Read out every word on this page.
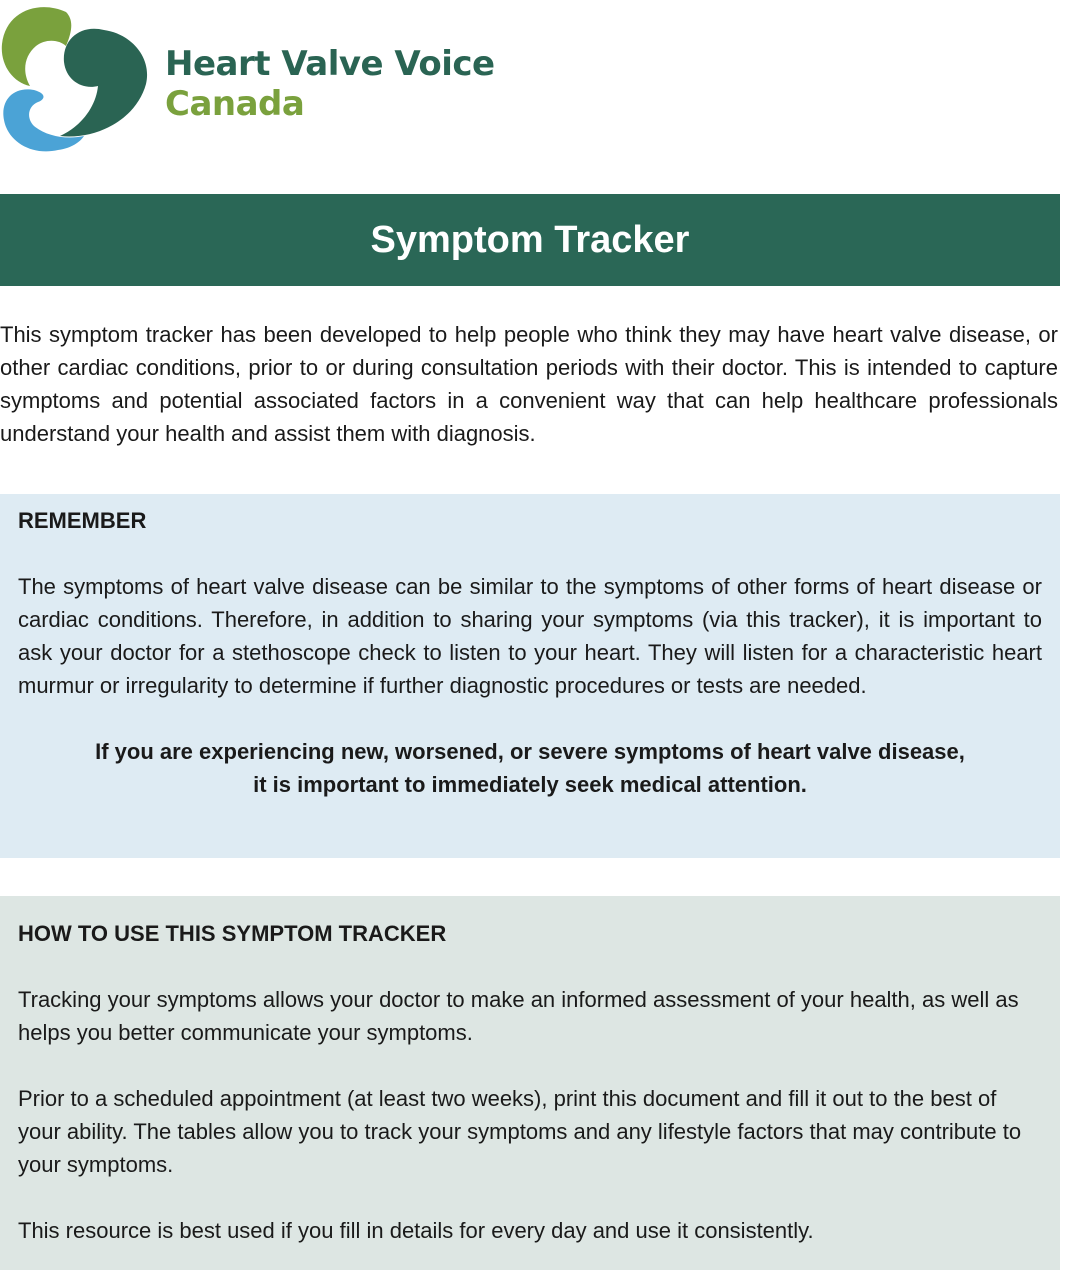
Heart Valve Voice
Canada
Symptom Tracker

This symptom tracker has been developed to help people who think they may have heart valve disease, or other cardiac conditions, prior to or during consultation periods with their doctor. This is intended to capture symptoms and potential associated factors in a convenient way that can help healthcare professionals understand your health and assist them with diagnosis.

REMEMBER

The symptoms of heart valve disease can be similar to the symptoms of other forms of heart disease or cardiac conditions. Therefore, in addition to sharing your symptoms (via this tracker), it is important to ask your doctor for a stethoscope check to listen to your heart. They will listen for a characteristic heart murmur or irregularity to determine if further diagnostic procedures or tests are needed.

If you are experiencing new, worsened, or severe symptoms of heart valve disease,
it is important to immediately seek medical attention.

HOW TO USE THIS SYMPTOM TRACKER

Tracking your symptoms allows your doctor to make an informed assessment of your health, as well as helps you better communicate your symptoms.

Prior to a scheduled appointment (at least two weeks), print this document and fill it out to the best of your ability. The tables allow you to track your symptoms and any lifestyle factors that may contribute to your symptoms.

This resource is best used if you fill in details for every day and use it consistently.
